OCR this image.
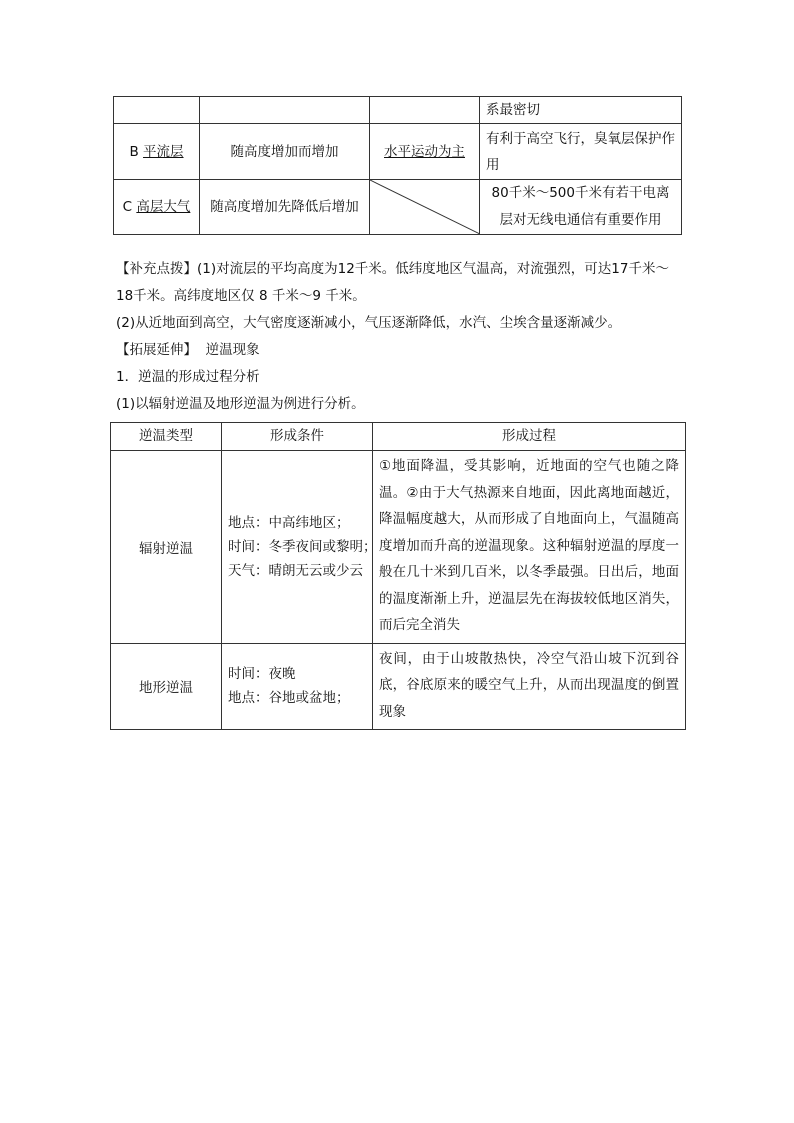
			系最密切
B 平流层	随高度增加而增加	水平运动为主	有利于高空飞行，臭氧层保护作用
C 高层大气	随高度增加先降低后增加		80千米～500千米有若干电离
层对无线电通信有重要作用
【补充点拨】(1)对流层的平均高度为12千米。低纬度地区气温高，对流强烈，可达17千米～
18千米。高纬度地区仅 8 千米～9 千米。
(2)从近地面到高空，大气密度逐渐减小，气压逐渐降低，水汽、尘埃含量逐渐减少。
【拓展延伸】 逆温现象
1．逆温的形成过程分析
(1)以辐射逆温及地形逆温为例进行分析。
逆温类型	形成条件	形成过程
辐射逆温	地点：中高纬地区；
时间：冬季夜间或黎明；
天气：晴朗无云或少云	①地面降温，受其影响，近地面的空气也随之降温。②由于大气热源来自地面，因此离地面越近，降温幅度越大，从而形成了自地面向上，气温随高度增加而升高的逆温现象。这种辐射逆温的厚度一般在几十米到几百米，以冬季最强。日出后，地面的温度渐渐上升，逆温层先在海拔较低地区消失，而后完全消失
地形逆温	时间：夜晚
地点：谷地或盆地；	夜间，由于山坡散热快，冷空气沿山坡下沉到谷底，谷底原来的暖空气上升，从而出现温度的倒置现象
